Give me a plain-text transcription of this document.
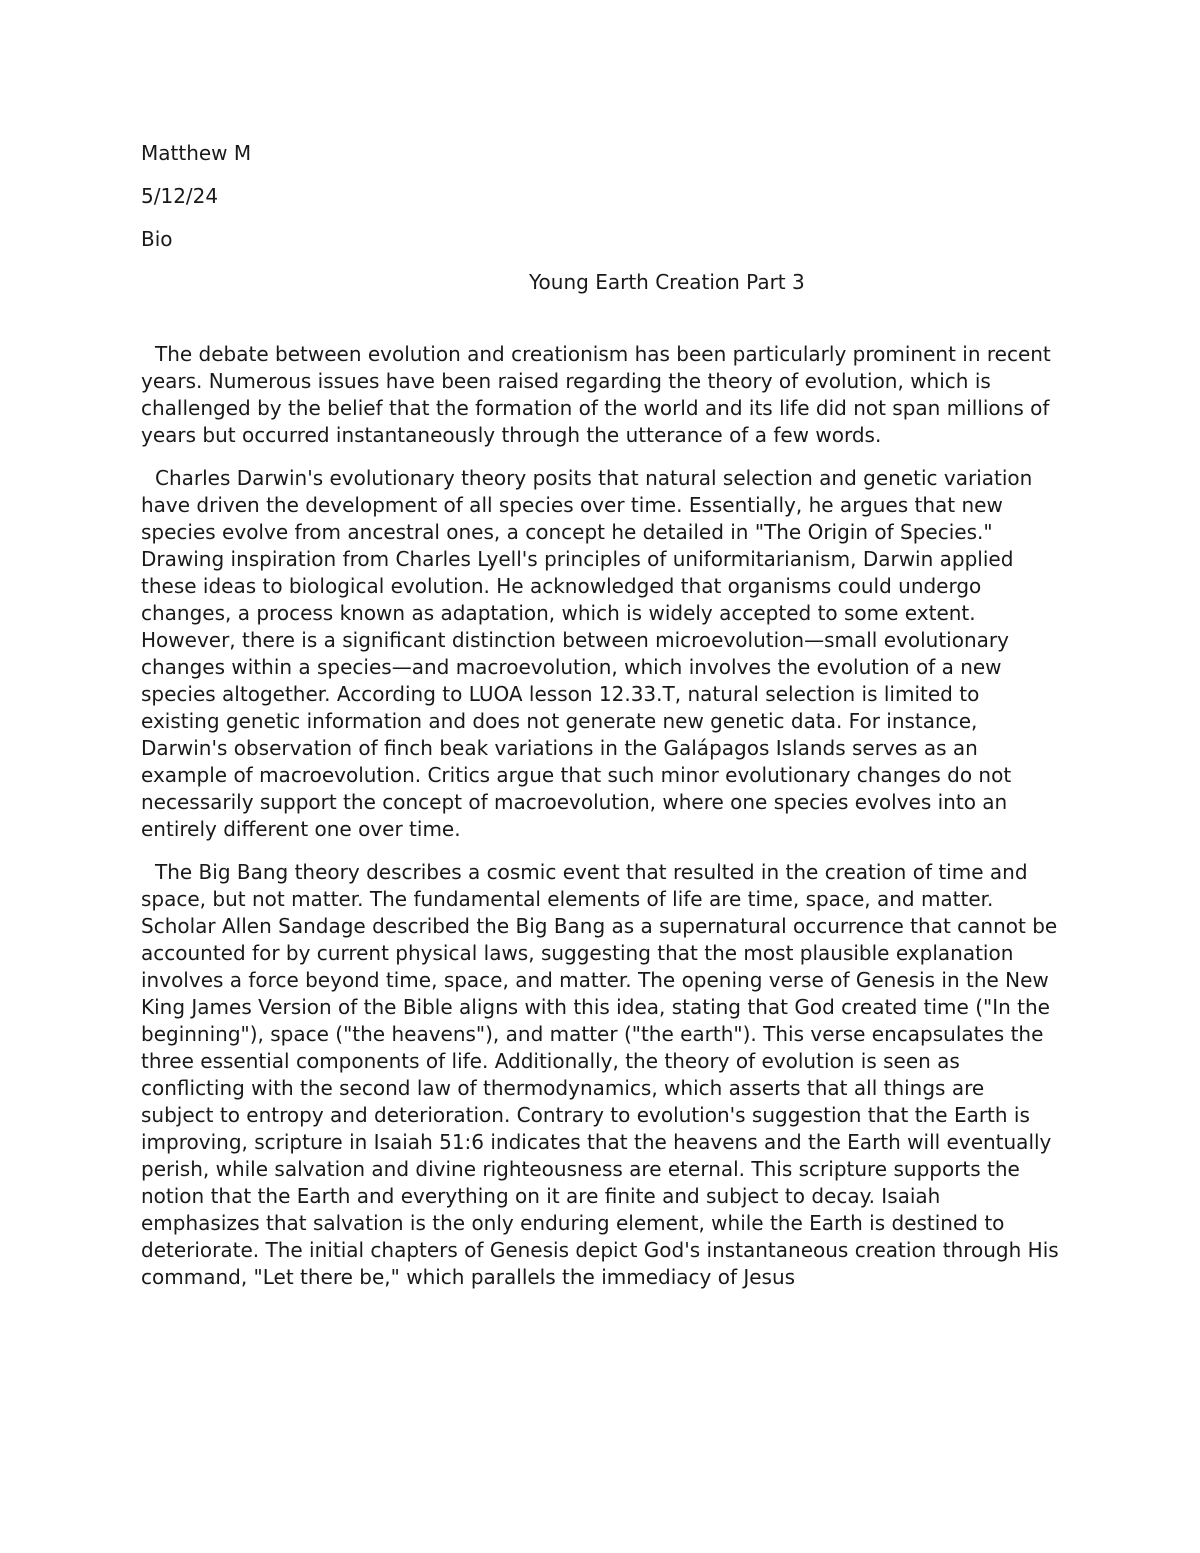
Matthew M

5/12/24

Bio

Young Earth Creation Part 3

The debate between evolution and creationism has been particularly prominent in recent years. Numerous issues have been raised regarding the theory of evolution, which is challenged by the belief that the formation of the world and its life did not span millions of years but occurred instantaneously through the utterance of a few words.

Charles Darwin's evolutionary theory posits that natural selection and genetic variation have driven the development of all species over time. Essentially, he argues that new species evolve from ancestral ones, a concept he detailed in "The Origin of Species." Drawing inspiration from Charles Lyell's principles of uniformitarianism, Darwin applied these ideas to biological evolution. He acknowledged that organisms could undergo changes, a process known as adaptation, which is widely accepted to some extent. However, there is a significant distinction between microevolution—small evolutionary changes within a species—and macroevolution, which involves the evolution of a new species altogether. According to LUOA lesson 12.33.T, natural selection is limited to existing genetic information and does not generate new genetic data. For instance, Darwin's observation of finch beak variations in the Galápagos Islands serves as an example of macroevolution. Critics argue that such minor evolutionary changes do not necessarily support the concept of macroevolution, where one species evolves into an entirely different one over time.

The Big Bang theory describes a cosmic event that resulted in the creation of time and space, but not matter. The fundamental elements of life are time, space, and matter. Scholar Allen Sandage described the Big Bang as a supernatural occurrence that cannot be accounted for by current physical laws, suggesting that the most plausible explanation involves a force beyond time, space, and matter. The opening verse of Genesis in the New King James Version of the Bible aligns with this idea, stating that God created time ("In the beginning"), space ("the heavens"), and matter ("the earth"). This verse encapsulates the three essential components of life. Additionally, the theory of evolution is seen as conflicting with the second law of thermodynamics, which asserts that all things are subject to entropy and deterioration. Contrary to evolution's suggestion that the Earth is improving, scripture in Isaiah 51:6 indicates that the heavens and the Earth will eventually perish, while salvation and divine righteousness are eternal. This scripture supports the notion that the Earth and everything on it are finite and subject to decay. Isaiah emphasizes that salvation is the only enduring element, while the Earth is destined to deteriorate. The initial chapters of Genesis depict God's instantaneous creation through His command, "Let there be," which parallels the immediacy of Jesus
